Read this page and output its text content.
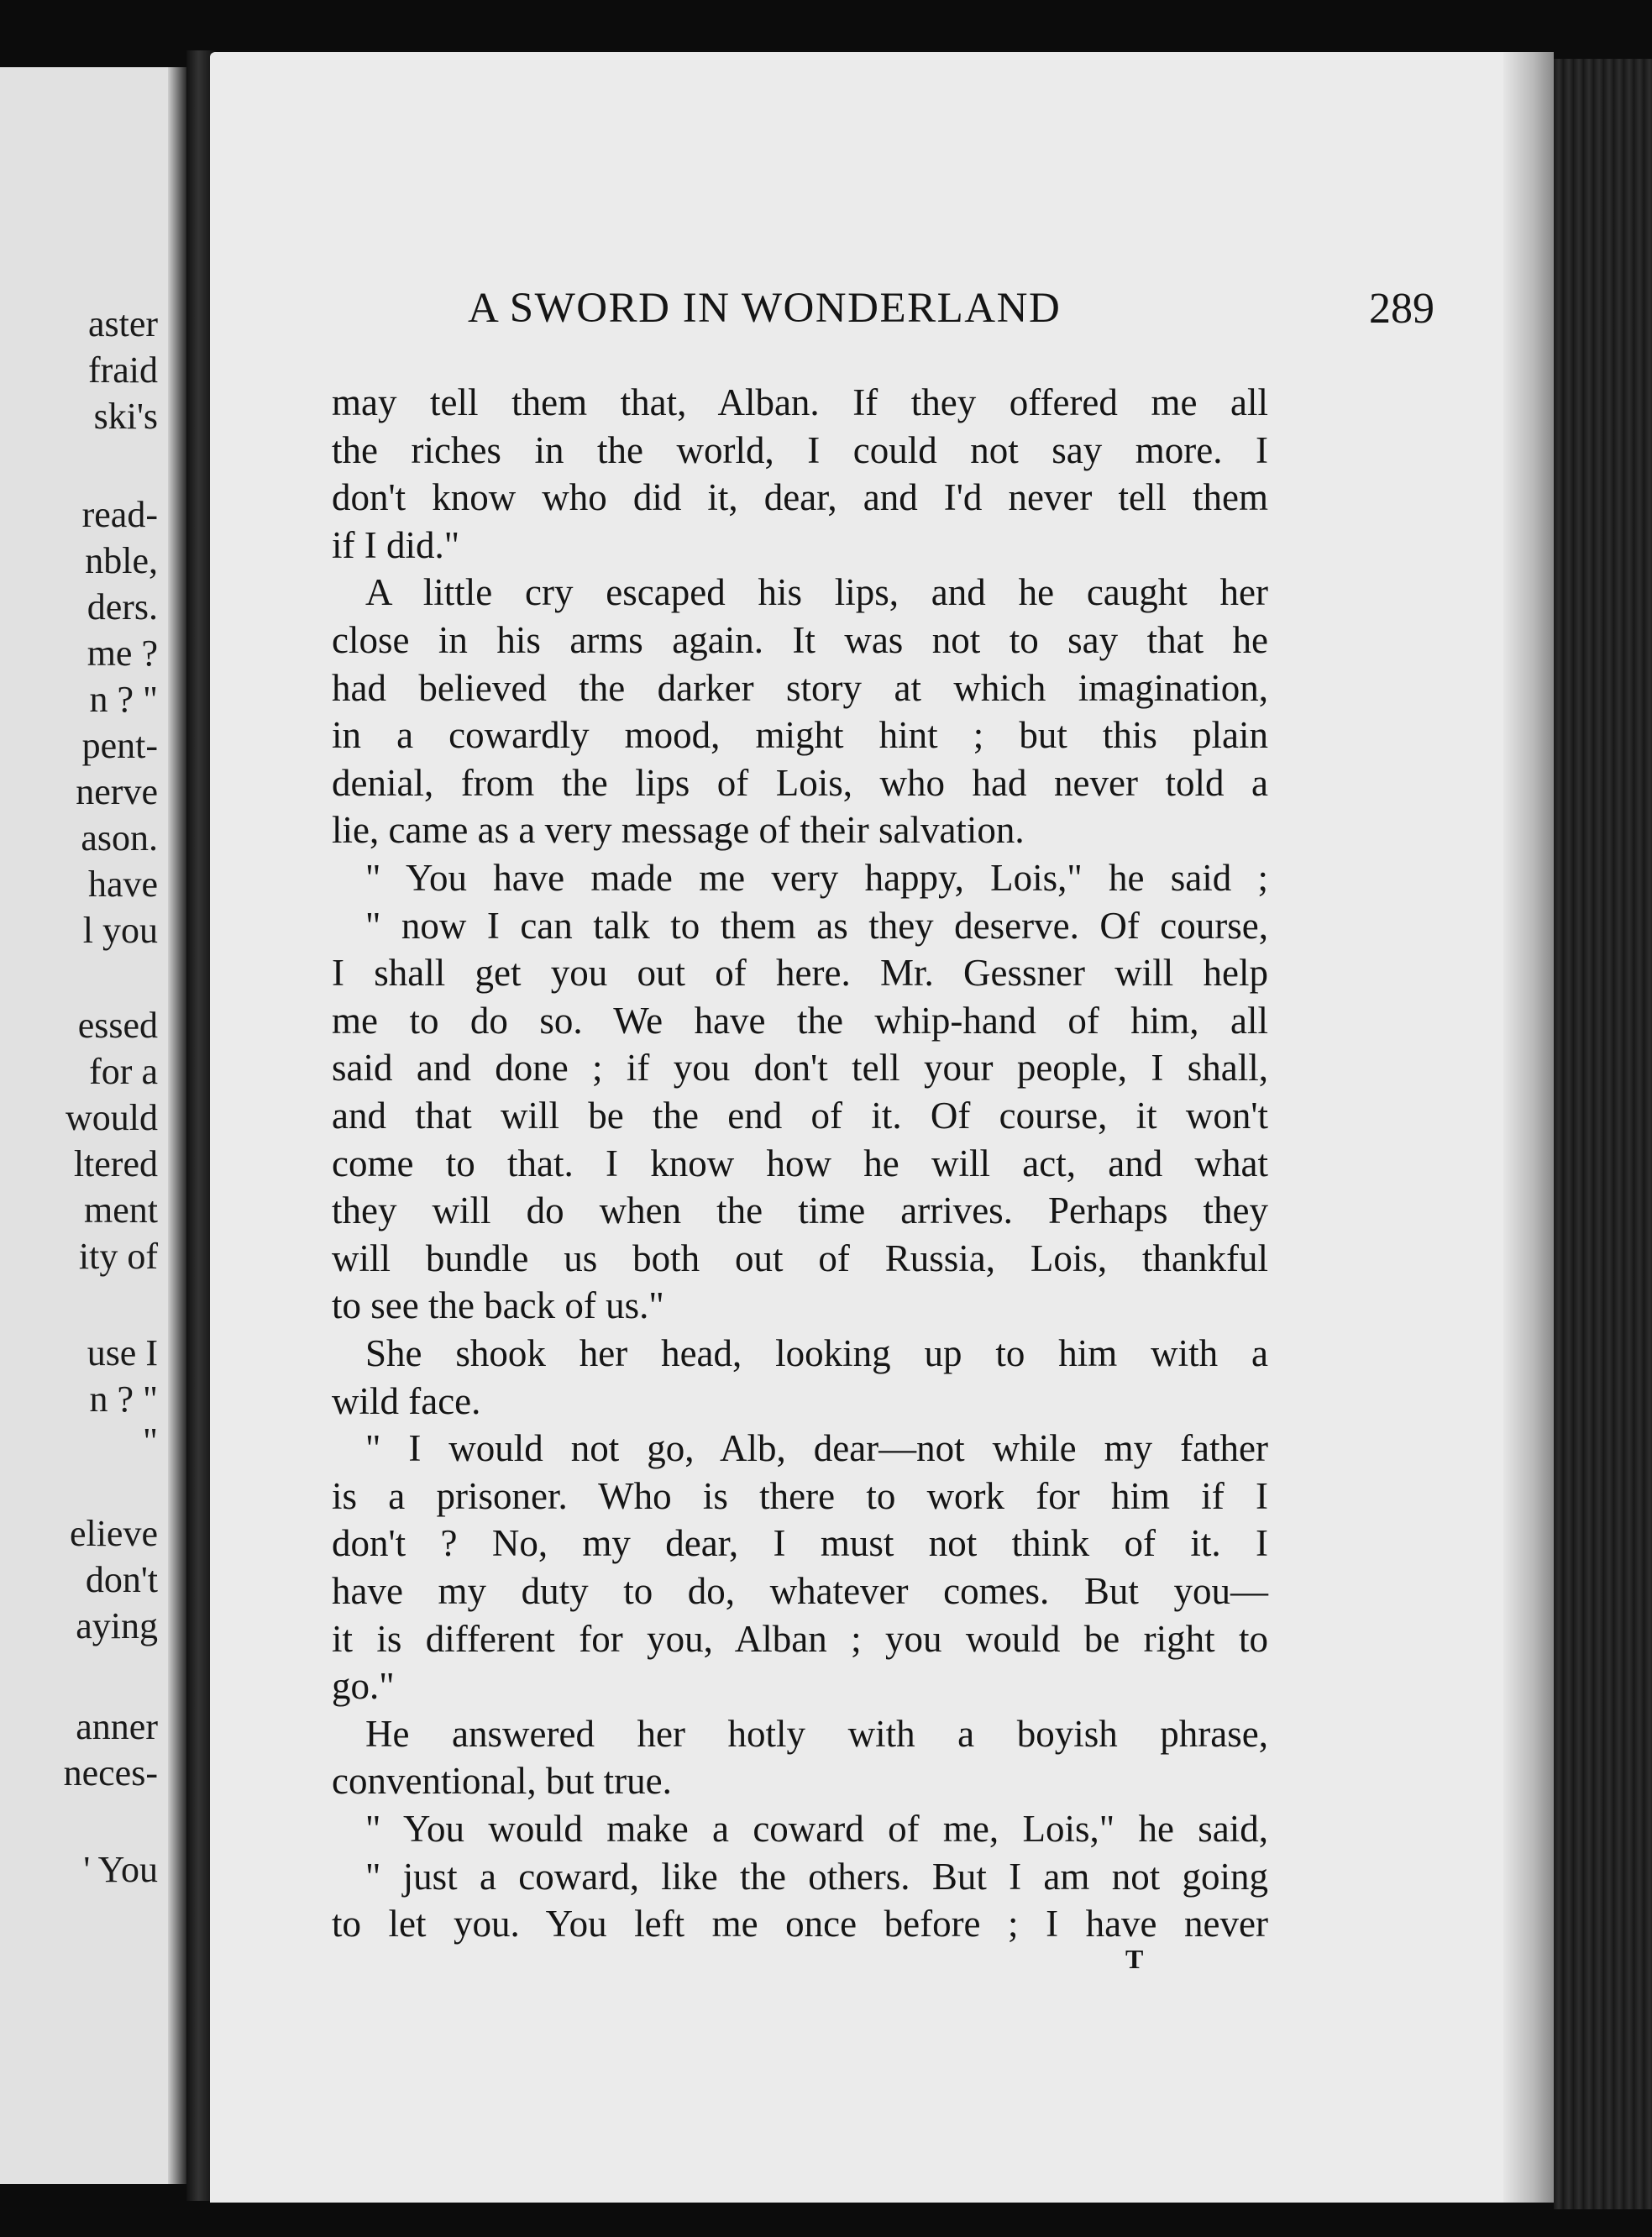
aster
fraid
ski's
read-
nble,
ders.
me ?
n ? "
pent-
nerve
ason.
have
l you
essed
for a
would
ltered
ment
ity of
use I
n ? "
"
elieve
don't
aying
anner
neces-
' You
A SWORD IN WONDERLAND	289
may tell them that, Alban. If they offered me all
the riches in the world, I could not say more. I
don't know who did it, dear, and I'd never tell them
if I did."
A little cry escaped his lips, and he caught her
close in his arms again. It was not to say that he
had believed the darker story at which imagination,
in a cowardly mood, might hint ; but this plain
denial, from the lips of Lois, who had never told a
lie, came as a very message of their salvation.
" You have made me very happy, Lois," he said ;
" now I can talk to them as they deserve. Of course,
I shall get you out of here. Mr. Gessner will help
me to do so. We have the whip-hand of him, all
said and done ; if you don't tell your people, I shall,
and that will be the end of it. Of course, it won't
come to that. I know how he will act, and what
they will do when the time arrives. Perhaps they
will bundle us both out of Russia, Lois, thankful
to see the back of us."
She shook her head, looking up to him with a
wild face.
" I would not go, Alb, dear—not while my father
is a prisoner. Who is there to work for him if I
don't ? No, my dear, I must not think of it. I
have my duty to do, whatever comes. But you—
it is different for you, Alban ; you would be right to
go."
He answered her hotly with a boyish phrase,
conventional, but true.
" You would make a coward of me, Lois," he said,
" just a coward, like the others. But I am not going
to let you. You left me once before ; I have never
T
